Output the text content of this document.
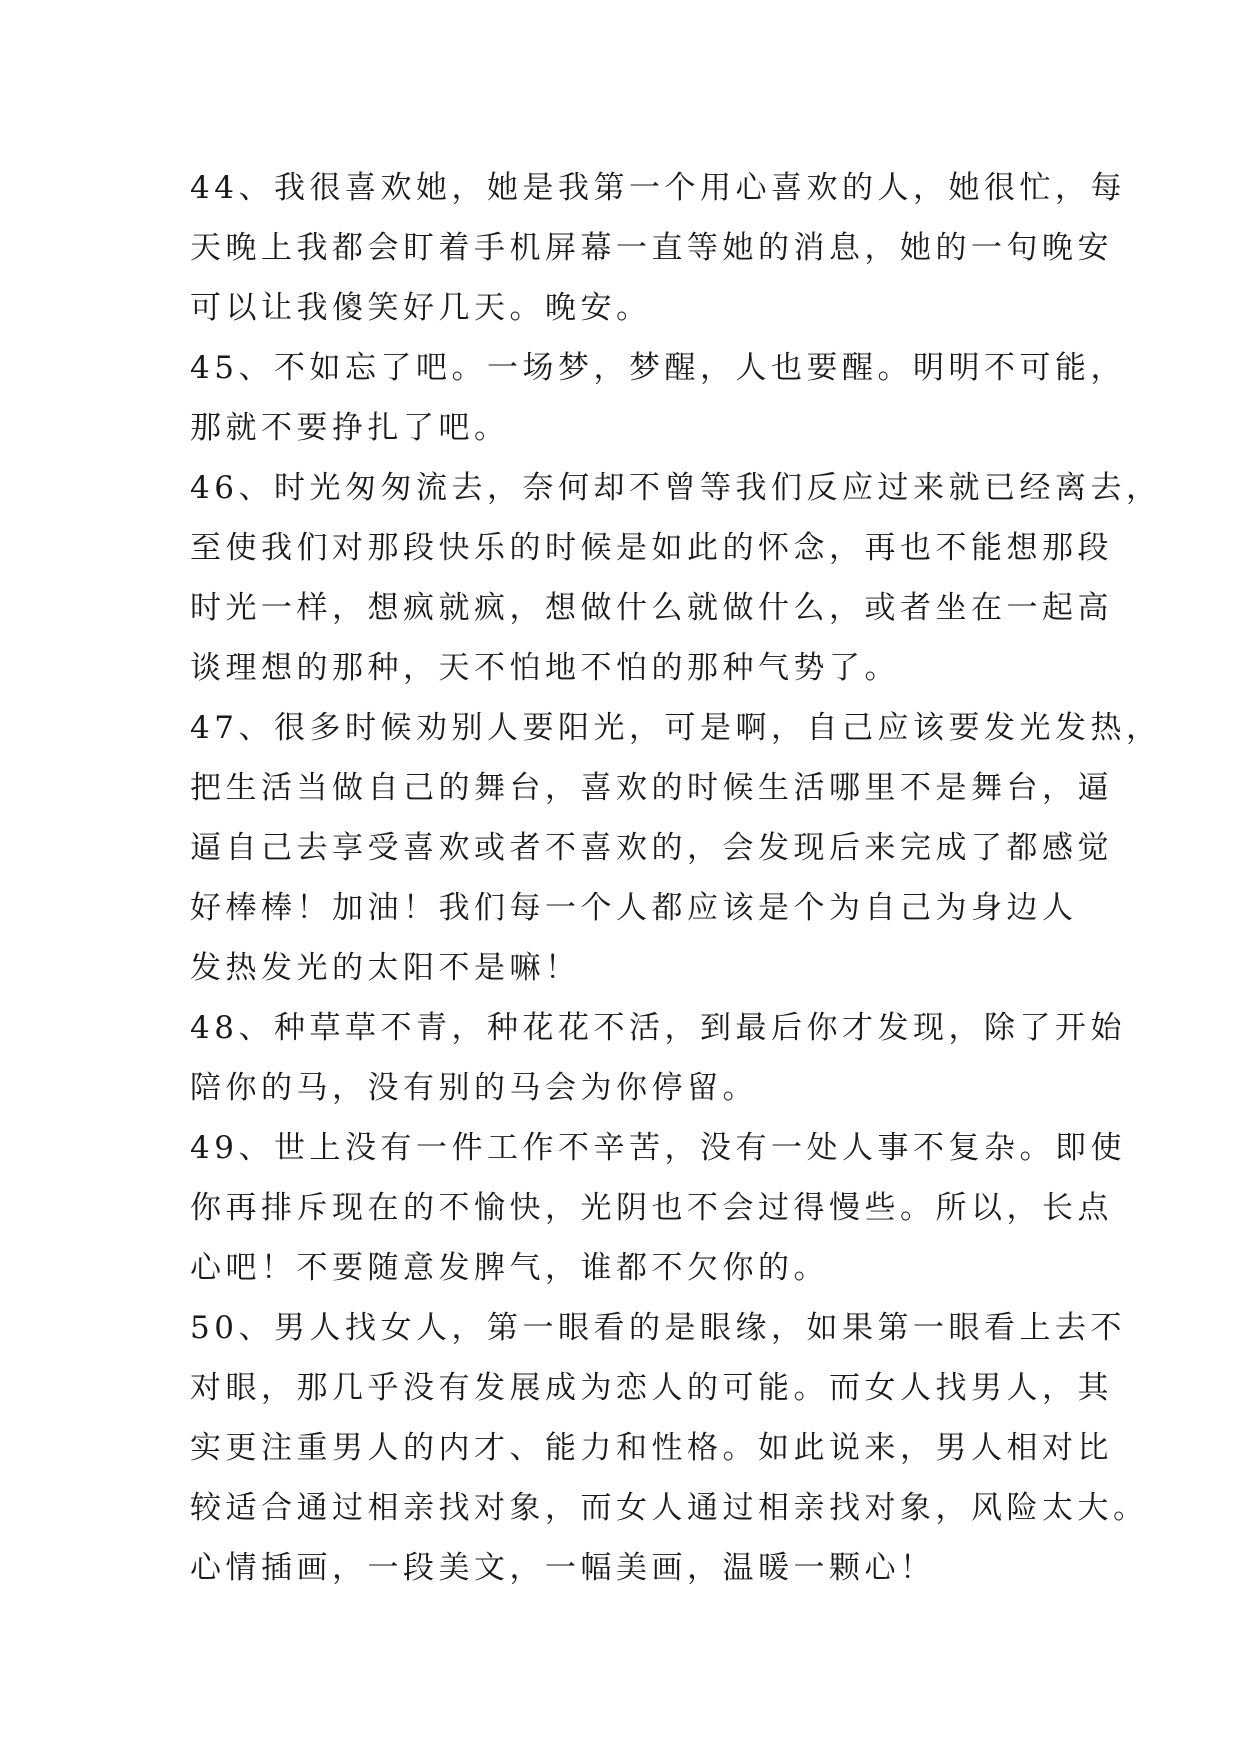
44、我很喜欢她，她是我第一个用心喜欢的人，她很忙，每
天晚上我都会盯着手机屏幕一直等她的消息，她的一句晚安
可以让我傻笑好几天。晚安。
45、不如忘了吧。一场梦，梦醒，人也要醒。明明不可能，
那就不要挣扎了吧。
46、时光匆匆流去，奈何却不曾等我们反应过来就已经离去，
至使我们对那段快乐的时候是如此的怀念，再也不能想那段
时光一样，想疯就疯，想做什么就做什么，或者坐在一起高
谈理想的那种，天不怕地不怕的那种气势了。
47、很多时候劝别人要阳光，可是啊，自己应该要发光发热，
把生活当做自己的舞台，喜欢的时候生活哪里不是舞台，逼
逼自己去享受喜欢或者不喜欢的，会发现后来完成了都感觉
好棒棒！加油！我们每一个人都应该是个为自己为身边人
发热发光的太阳不是嘛！
48、种草草不青，种花花不活，到最后你才发现，除了开始
陪你的马，没有别的马会为你停留。
49、世上没有一件工作不辛苦，没有一处人事不复杂。即使
你再排斥现在的不愉快，光阴也不会过得慢些。所以，长点
心吧！不要随意发脾气，谁都不欠你的。
50、男人找女人，第一眼看的是眼缘，如果第一眼看上去不
对眼，那几乎没有发展成为恋人的可能。而女人找男人，其
实更注重男人的内才、能力和性格。如此说来，男人相对比
较适合通过相亲找对象，而女人通过相亲找对象，风险太大。
心情插画，一段美文，一幅美画，温暖一颗心！
